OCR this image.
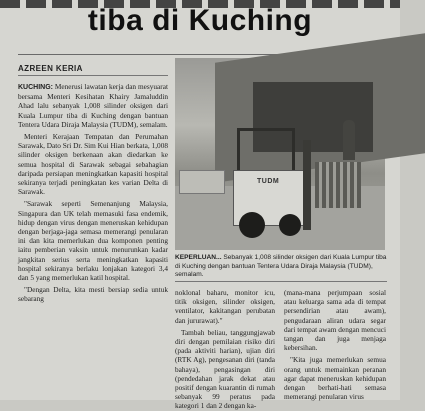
tiba di Kuching
AZREEN KERIA

KUCHING: Menerusi lawatan kerja dan mesyuarat bersama Menteri Kesihatan Khairy Jamaluddin Ahad lalu sebanyak 1,008 silinder oksigen dari Kuala Lumpur tiba di Kuching dengan bantuan Tentera Udara Diraja Malaysia (TUDM), semalam.

Menteri Kerajaan Tempatan dan Perumahan Sarawak, Dato Sri Dr. Sim Kui Hian berkata, 1,008 silinder oksigen berkenaan akan diedarkan ke semua hospital di Sarawak sebagai sebahagian daripada persiapan meningkatkan kapasiti hospital sekiranya terjadi peningkatan kes varian Delta di Sarawak.

"Sarawak seperti Semenanjung Malaysia, Singapura dan UK telah memasuki fasa endemik, hidup dengan virus dengan meneruskan kehidupan dengan berjaga-jaga semasa memerangi penularan ini dan kita memerlukan dua komponen penting iaitu pemberian vaksin untuk menurunkan kadar jangkitan serius serta meningkatkan kapasiti hospital sekiranya berlaku lonjakan kategori 3,4 dan 5 yang memerlukan katil hospital.

"Dengan Delta, kita mesti bersiap sedia untuk sebarang

TUDM
KEPERLUAN... Sebanyak 1,008 silinder oksigen dari Kuala Lumpur tiba di Kuching dengan bantuan Tentera Udara Diraja Malaysia (TUDM), semalam.

noklonal baharu, monitor icu, titik oksigen, silinder oksigen, ventilator, kakitangan perubatan dan jururawat)."

Tambah beliau, tanggungjawab diri dengan pemilaian risiko diri (pada aktiviti harian), ujian diri (RTK Ag), pengesanan diri (tanda bahaya), pengasingan diri (pendedahan jarak dekat atau positif dengan kuarantin di rumah sebanyak 99 peratus pada kategori 1 dan 2 dengan ka-

(mana-mana perjumpaan sosial atau keluarga sama ada di tempat persendirian atau awam), pengudaraan aliran udara segar dari tempat awam dengan mencuci tangan dan juga menjaga kebersihan.

"Kita juga memerlukan semua orang untuk memainkan peranan agar dapat meneruskan kehidupan dengan berhati-hati semasa memerangi penularan virus
